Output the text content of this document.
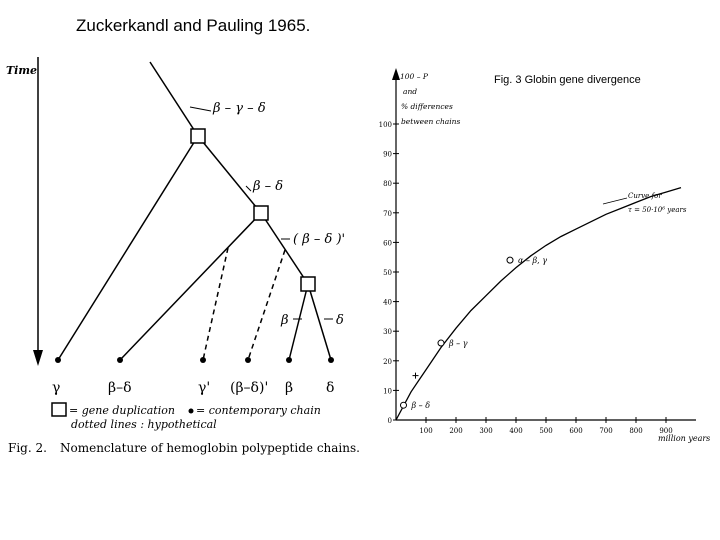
Zuckerkandl and Pauling 1965.
Time
β – γ – δ
β – δ
( β – δ )'
β	δ
γ	β–δ	γ' (β–δ)' β δ
= gene duplication = contemporary chain
dotted lines : hypothetical
Fig. 2. Nomenclature of hemoglobin polypeptide chains.
0
10
20
30
40
50
60
70
80
90
100
100 200 300 400 500 600 700 800 900
β – δ
β – γ
α – β, γ
100 – P
and
% differences
between chains
million years
Curve for
τ = 50·10⁶ years
Fig. 3 Globin gene divergence
